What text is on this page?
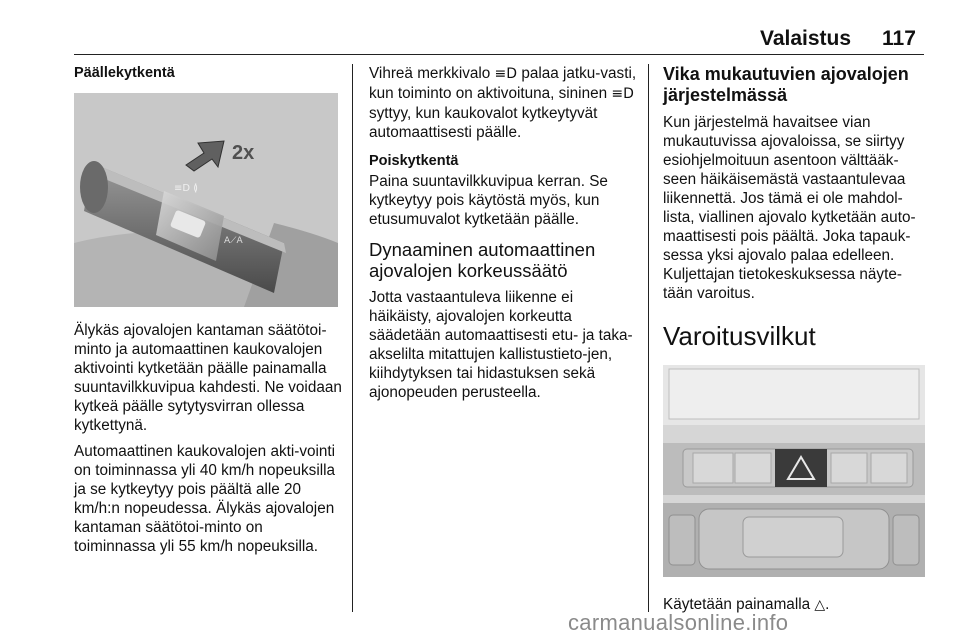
Valaistus 117
Päällekytkentä
≡D ≬
A⟋A
2x

Älykäs ajovalojen kantaman säätötoi-minto ja automaattinen kaukovalojen aktivointi kytketään päälle painamalla suuntavilkkuvipua kahdesti. Ne voidaan kytkeä päälle sytytysvirran ollessa kytkettynä.

Automaattinen kaukovalojen akti-vointi on toiminnassa yli 40 km/h nopeuksilla ja se kytkeytyy pois päältä alle 20 km/h:n nopeudessa. Älykäs ajovalojen kantaman säätötoi-minto on toiminnassa yli 55 km/h nopeuksilla.

Vihreä merkkivalo ≡D palaa jatku-vasti, kun toiminto on aktivoituna, sininen ≡D syttyy, kun kaukovalot kytkeytyvät automaattisesti päälle.

Poiskytkentä

Paina suuntavilkkuvipua kerran. Se kytkeytyy pois käytöstä myös, kun etusumuvalot kytketään päälle.

Dynaaminen automaattinen ajovalojen korkeussäätö

Jotta vastaantuleva liikenne ei häikäisty, ajovalojen korkeutta säädetään automaattisesti etu- ja taka-akselilta mitattujen kallistustieto-jen, kiihdytyksen tai hidastuksen sekä ajonopeuden perusteella.

Vika mukautuvien ajovalojen järjestelmässä

Kun järjestelmä havaitsee vian mukautuvissa ajovaloissa, se siirtyy esiohjelmoituun asentoon välttääk-seen häikäisemästä vastaantulevaa liikennettä. Jos tämä ei ole mahdol-lista, viallinen ajovalo kytketään auto-maattisesti pois päältä. Joka tapauk-sessa yksi ajovalo palaa edelleen. Kuljettajan tietokeskuksessa näyte-tään varoitus.

Varoitusvilkut

Käytetään painamalla △.

carmanualsonline.info
